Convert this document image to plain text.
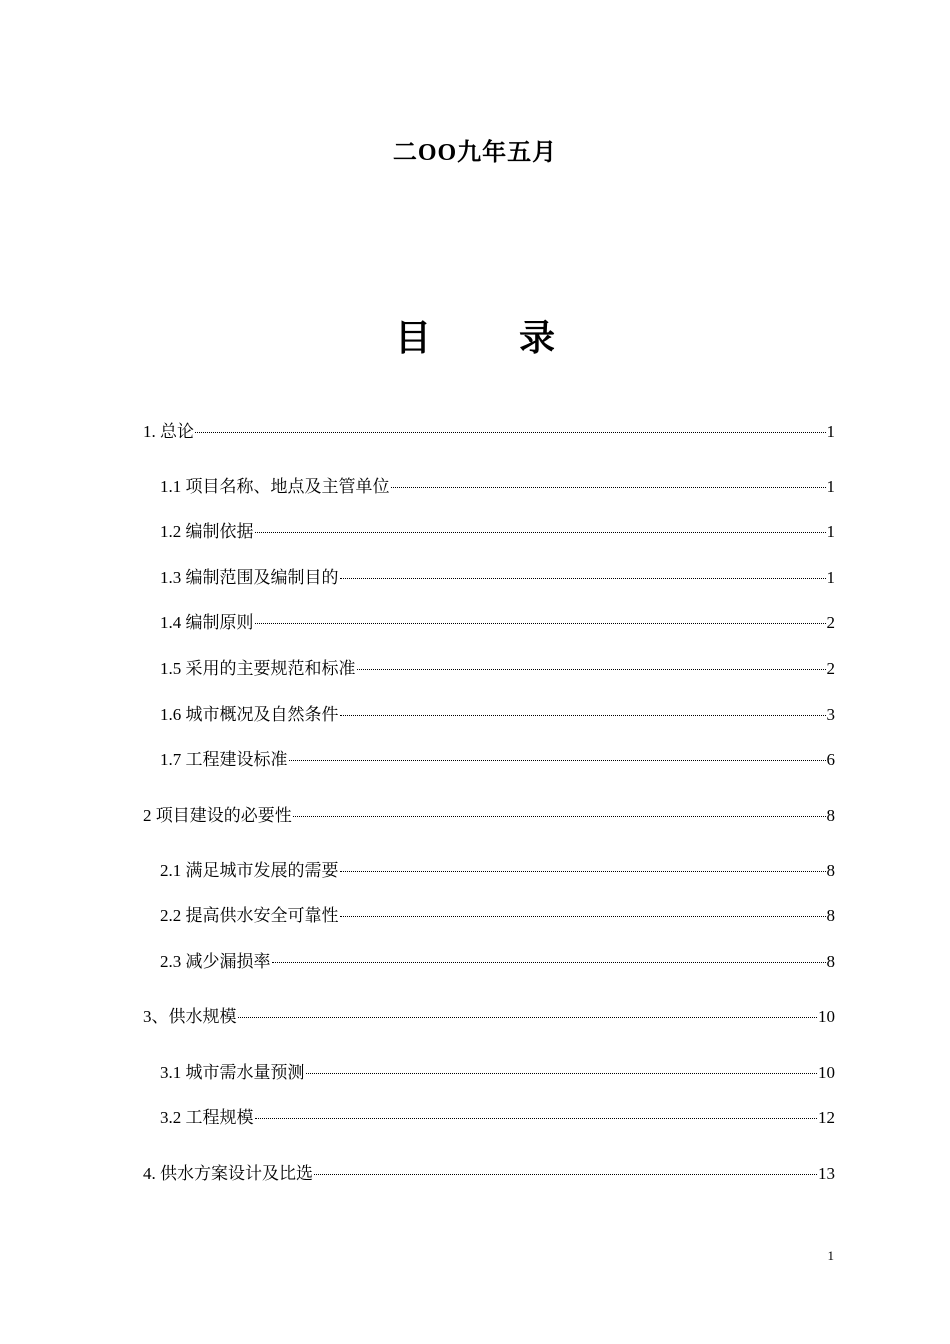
二OO九年五月
目 录
1. 总论	1
1.1 项目名称、地点及主管单位	1
1.2 编制依据	1
1.3 编制范围及编制目的	1
1.4 编制原则	2
1.5 采用的主要规范和标准	2
1.6 城市概况及自然条件	3
1.7 工程建设标准	6
2 项目建设的必要性	8
2.1 满足城市发展的需要	8
2.2 提高供水安全可靠性	8
2.3 减少漏损率	8
3、供水规模	10
3.1 城市需水量预测	10
3.2 工程规模	12
4. 供水方案设计及比选	13
1
